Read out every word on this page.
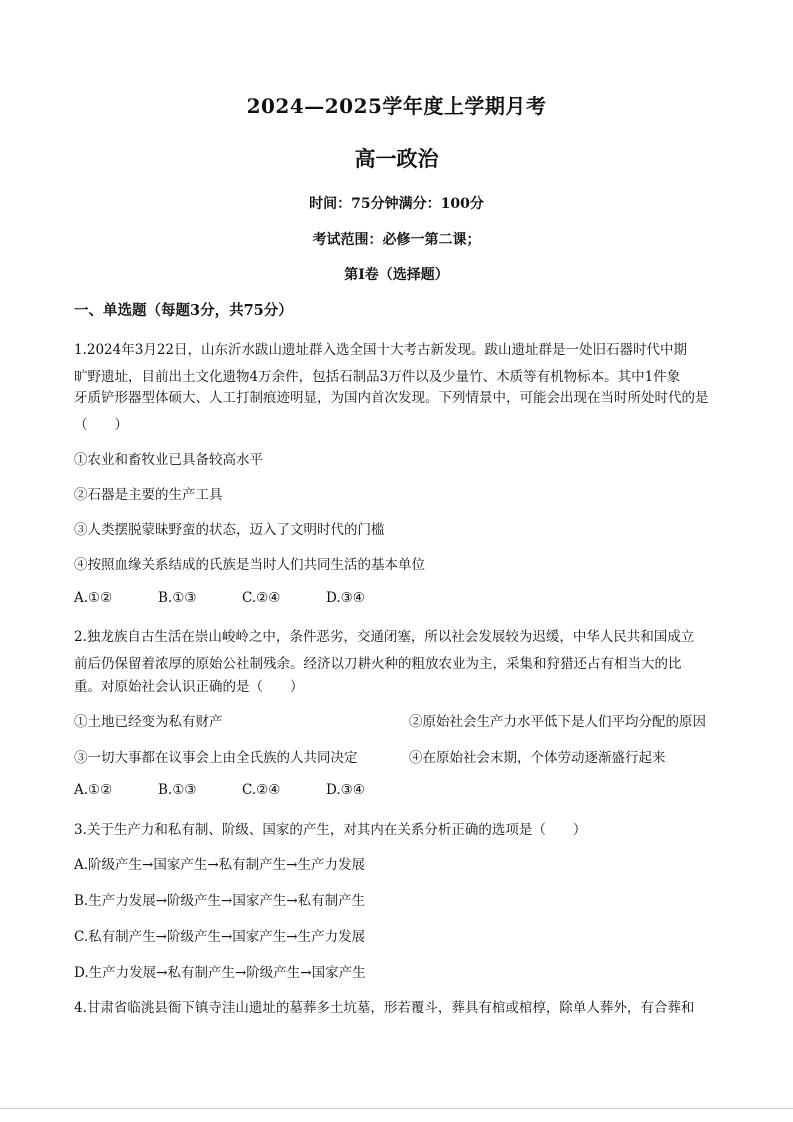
2024—2025学年度上学期月考
高一政治
时间：75分钟满分：100分
考试范围：必修一第二课；
第Ⅰ卷（选择题）
一、单选题（每题3分，共75分）
1.2024年3月22日，山东沂水跋山遗址群入选全国十大考古新发现。跋山遗址群是一处旧石器时代中期
旷野遗址，目前出土文化遗物4万余件，包括石制品3万件以及少量竹、木质等有机物标本。其中1件象
牙质铲形器型体硕大、人工打制痕迹明显，为国内首次发现。下列情景中，可能会出现在当时所处时代的是
（　　）
①农业和畜牧业已具备较高水平
②石器是主要的生产工具
③人类摆脱蒙昧野蛮的状态，迈入了文明时代的门槛
④按照血缘关系结成的氏族是当时人们共同生活的基本单位
A.①②	B.①③	C.②④	D.③④
2.独龙族自古生活在崇山峻岭之中，条件恶劣，交通闭塞，所以社会发展较为迟缓，中华人民共和国成立
前后仍保留着浓厚的原始公社制残余。经济以刀耕火种的粗放农业为主，采集和狩猎还占有相当大的比
重。对原始社会认识正确的是（　　）
①土地已经变为私有财产	②原始社会生产力水平低下是人们平均分配的原因
③一切大事都在议事会上由全氏族的人共同决定	④在原始社会末期，个体劳动逐渐盛行起来
A.①②	B.①③	C.②④	D.③④
3.关于生产力和私有制、阶级、国家的产生，对其内在关系分析正确的选项是（　　）
A.阶级产生→国家产生→私有制产生→生产力发展
B.生产力发展→阶级产生→国家产生→私有制产生
C.私有制产生→阶级产生→国家产生→生产力发展
D.生产力发展→私有制产生→阶级产生→国家产生
4.甘肃省临洮县衙下镇寺洼山遗址的墓葬多土坑墓，形若覆斗，葬具有棺或棺椁，除单人葬外，有合葬和
